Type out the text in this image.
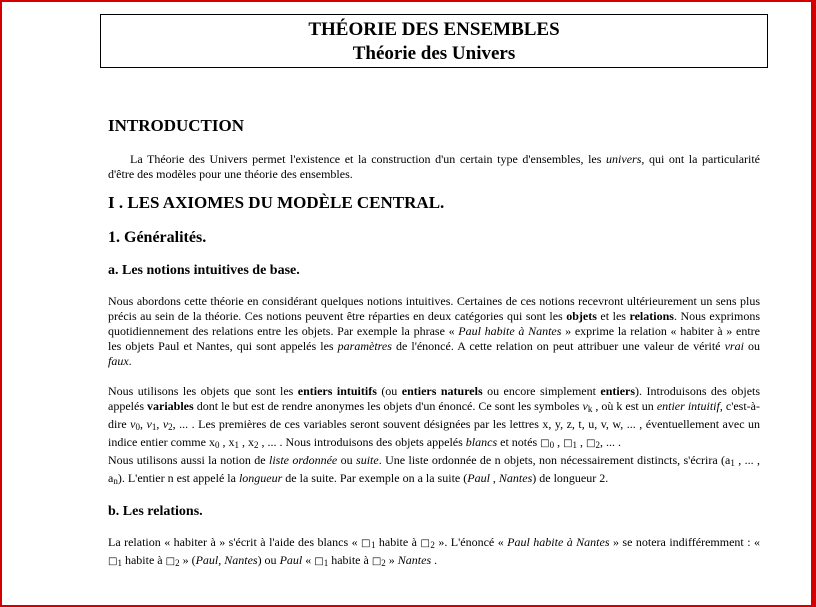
THÉORIE DES ENSEMBLES
Théorie des Univers
INTRODUCTION

La Théorie des Univers permet l'existence et la construction d'un certain type d'ensembles, les univers, qui ont la particularité d'être des modèles pour une théorie des ensembles.

I . LES AXIOMES DU MODÈLE CENTRAL.
1. Généralités.
a. Les notions intuitives de base.

Nous abordons cette théorie en considérant quelques notions intuitives. Certaines de ces notions recevront ultérieurement un sens plus précis au sein de la théorie. Ces notions peuvent être réparties en deux catégories qui sont les objets et les relations. Nous exprimons quotidiennement des relations entre les objets. Par exemple la phrase « Paul habite à Nantes » exprime la relation « habiter à » entre les objets Paul et Nantes, qui sont appelés les paramètres de l'énoncé. A cette relation on peut attribuer une valeur de vérité vrai ou faux.

Nous utilisons les objets que sont les entiers intuitifs (ou entiers naturels ou encore simplement entiers). Introduisons des objets appelés variables dont le but est de rendre anonymes les objets d'un énoncé. Ce sont les symboles $v_k$ , où k est un entier intuitif, c'est-à-dire $v_0$, $v_1$, $v_2$, ... . Les premières de ces variables seront souvent désignées par les lettres x, y, z, t, u, v, w, ... , éventuellement avec un indice entier comme $x_0$ , $x_1$ , $x_2$ , ... . Nous introduisons des objets appelés blancs et notés $□_0$ , $□_1$ , $□_2$, ... .

Nous utilisons aussi la notion de liste ordonnée ou suite. Une liste ordonnée de n objets, non nécessairement distincts, s'écrira ($a_1$ , ... , $a_n$). L'entier n est appelé la longueur de la suite. Par exemple on a la suite (Paul , Nantes) de longueur 2.

b. Les relations.

La relation « habiter à » s'écrit à l'aide des blancs « $□_1$ habite à $□_2$ ». L'énoncé « Paul habite à Nantes » se notera indifféremment : « $□_1$ habite à $□_2$ » (Paul, Nantes) ou Paul « $□_1$ habite à $□_2$ » Nantes .
